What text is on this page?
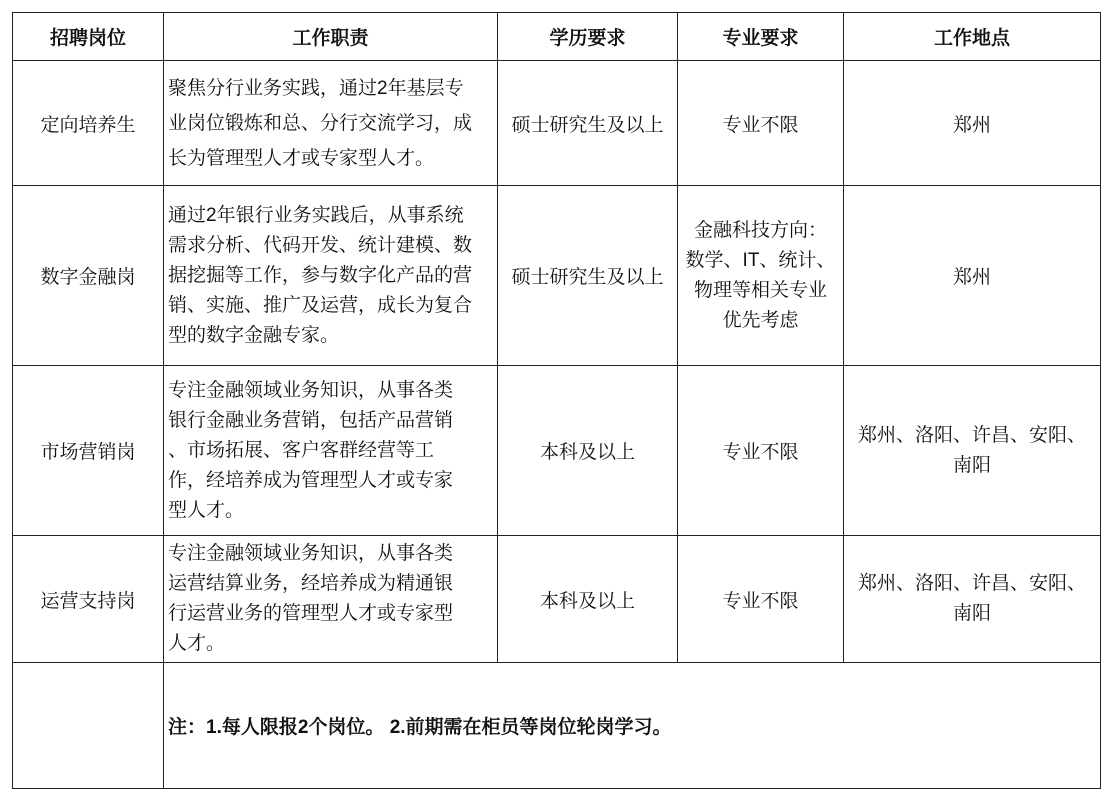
招聘岗位	工作职责	学历要求	专业要求	工作地点
定向培养生	聚焦分行业务实践，通过2年基层专
业岗位锻炼和总、分行交流学习，成
长为管理型人才或专家型人才。	硕士研究生及以上	专业不限	郑州
数字金融岗	通过2年银行业务实践后，从事系统
需求分析、代码开发、统计建模、数
据挖掘等工作，参与数字化产品的营
销、实施、推广及运营，成长为复合
型的数字金融专家。	硕士研究生及以上	金融科技方向：
数学、IT、统计、
物理等相关专业
优先考虑	郑州
市场营销岗	专注金融领域业务知识，从事各类
银行金融业务营销，包括产品营销
、市场拓展、客户客群经营等工
作，经培养成为管理型人才或专家
型人才。	本科及以上	专业不限	郑州、洛阳、许昌、安阳、
南阳

运营支持岗	专注金融领域业务知识，从事各类
运营结算业务，经培养成为精通银
行运营业务的管理型人才或专家型
人才。	本科及以上	专业不限	郑州、洛阳、许昌、安阳、
南阳

	注：1.每人限报2个岗位。 2.前期需在柜员等岗位轮岗学习。			
